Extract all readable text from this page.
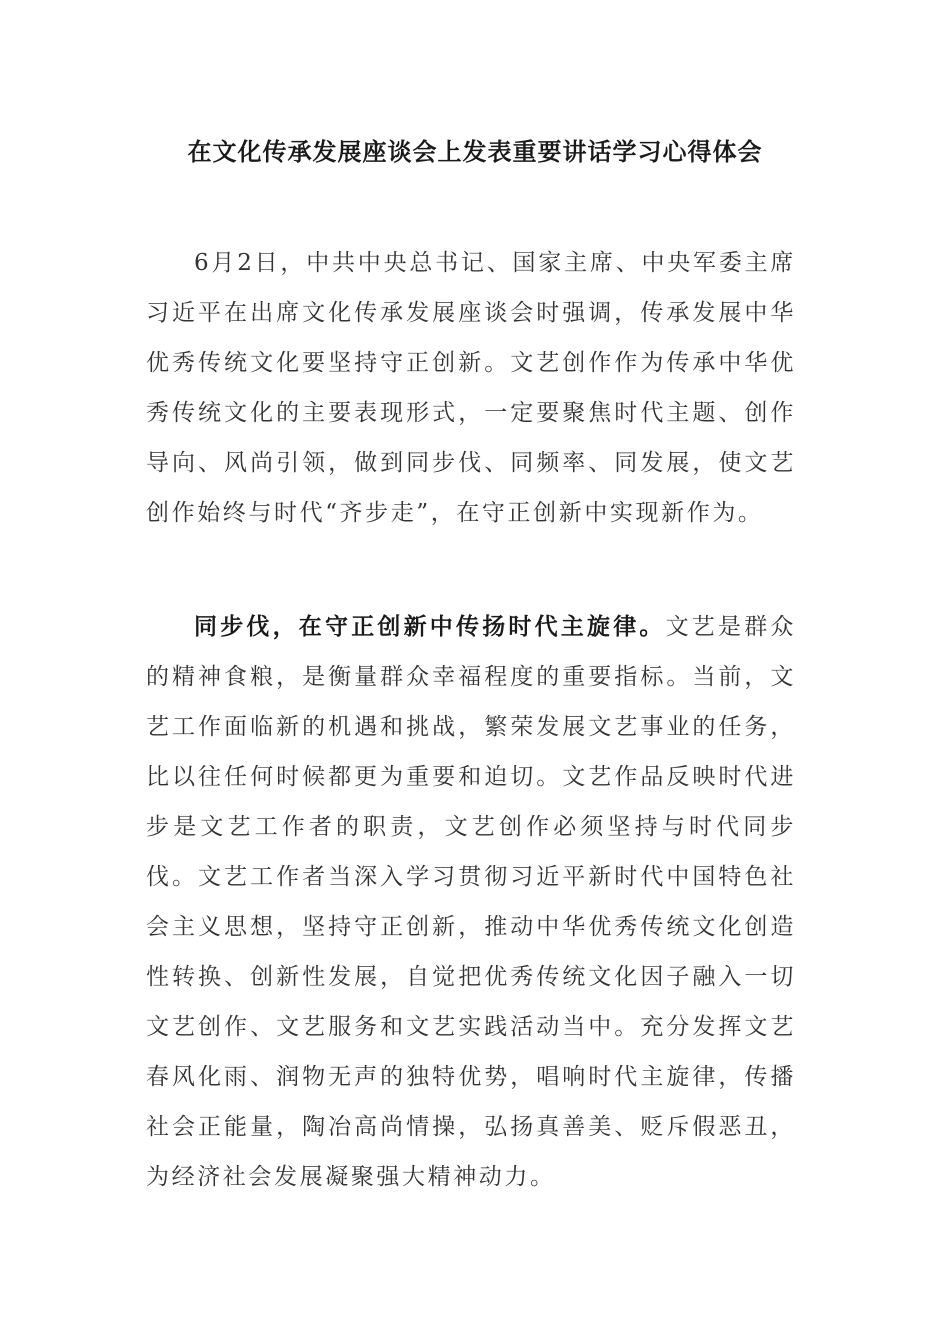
在文化传承发展座谈会上发表重要讲话学习心得体会

6月2日，中共中央总书记、国家主席、中央军委主席习近平在出席文化传承发展座谈会时强调，传承发展中华优秀传统文化要坚持守正创新。文艺创作作为传承中华优秀传统文化的主要表现形式，一定要聚焦时代主题、创作导向、风尚引领，做到同步伐、同频率、同发展，使文艺创作始终与时代“齐步走”，在守正创新中实现新作为。

同步伐，在守正创新中传扬时代主旋律。文艺是群众的精神食粮，是衡量群众幸福程度的重要指标。当前，文艺工作面临新的机遇和挑战，繁荣发展文艺事业的任务，比以往任何时候都更为重要和迫切。文艺作品反映时代进步是文艺工作者的职责，文艺创作必须坚持与时代同步伐。文艺工作者当深入学习贯彻习近平新时代中国特色社会主义思想，坚持守正创新，推动中华优秀传统文化创造性转换、创新性发展，自觉把优秀传统文化因子融入一切文艺创作、文艺服务和文艺实践活动当中。充分发挥文艺春风化雨、润物无声的独特优势，唱响时代主旋律，传播社会正能量，陶冶高尚情操，弘扬真善美、贬斥假恶丑，为经济社会发展凝聚强大精神动力。
